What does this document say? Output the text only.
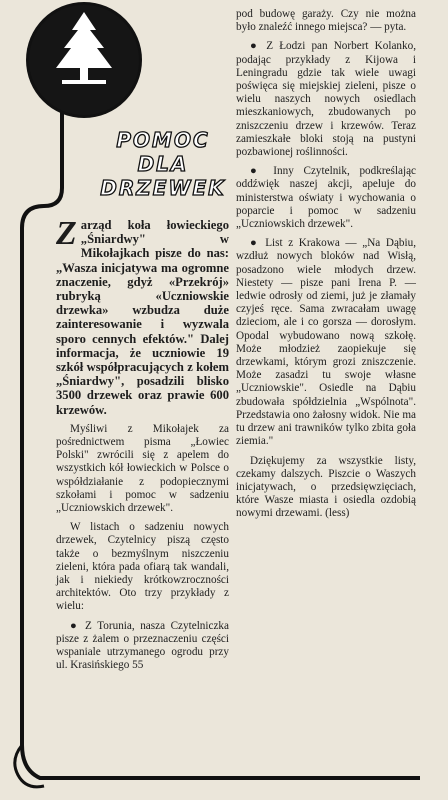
POMOC
DLA
DRZEWEK

Zarząd koła łowieckiego „Śniardwy" w Mikołajkach pisze do nas: „Wasza inicjatywa ma ogromne znaczenie, gdyż «Przekrój» rubryką «Uczniowskie drzewka» wzbudza duże zainteresowanie i wyzwala sporo cennych efektów." Dalej informacja, że uczniowie 19 szkół współpracujących z kołem „Śniardwy", posadzili blisko 3500 drzewek oraz prawie 600 krzewów.

Myśliwi z Mikołajek za pośrednictwem pisma „Łowiec Polski" zwrócili się z apelem do wszystkich kół łowieckich w Polsce o współdziałanie z podopiecznymi szkołami i pomoc w sadzeniu „Uczniowskich drzewek".

W listach o sadzeniu nowych drzewek, Czytelnicy piszą często także o bezmyślnym niszczeniu zieleni, która pada ofiarą tak wandali, jak i niekiedy krótkowzroczności architektów. Oto trzy przykłady z wielu:

● Z Torunia, nasza Czytelniczka pisze z żalem o przeznaczeniu części wspaniale utrzymanego ogrodu przy ul. Krasińskiego 55

pod budowę garaży. Czy nie można było znaleźć innego miejsca? — pyta.

● Z Łodzi pan Norbert Kolanko, podając przykłady z Kijowa i Leningradu gdzie tak wiele uwagi poświęca się miejskiej zieleni, pisze o wielu naszych nowych osiedlach mieszkaniowych, zbudowanych po zniszczeniu drzew i krzewów. Teraz zamieszkałe bloki stoją na pustyni pozbawionej roślinności.

● Inny Czytelnik, podkreślając oddźwięk naszej akcji, apeluje do ministerstwa oświaty i wychowania o poparcie i pomoc w sadzeniu „Uczniowskich drzewek".

● List z Krakowa — „Na Dąbiu, wzdłuż nowych bloków nad Wisłą, posadzono wiele młodych drzew. Niestety — pisze pani Irena P. — ledwie odrosły od ziemi, już je złamały czyjeś ręce. Sama zwracałam uwagę dzieciom, ale i co gorsza — dorosłym. Opodal wybudowano nową szkołę. Może młodzież zaopiekuje się drzewkami, którym grozi zniszczenie. Może zasadzi tu swoje własne „Uczniowskie". Osiedle na Dąbiu zbudowała spółdzielnia „Wspólnota". Przedstawia ono żałosny widok. Nie ma tu drzew ani trawników tylko zbita goła ziemia."

Dziękujemy za wszystkie listy, czekamy dalszych. Piszcie o Waszych inicjatywach, o przedsięwzięciach, które Wasze miasta i osiedla ozdobią nowymi drzewami. (less)
